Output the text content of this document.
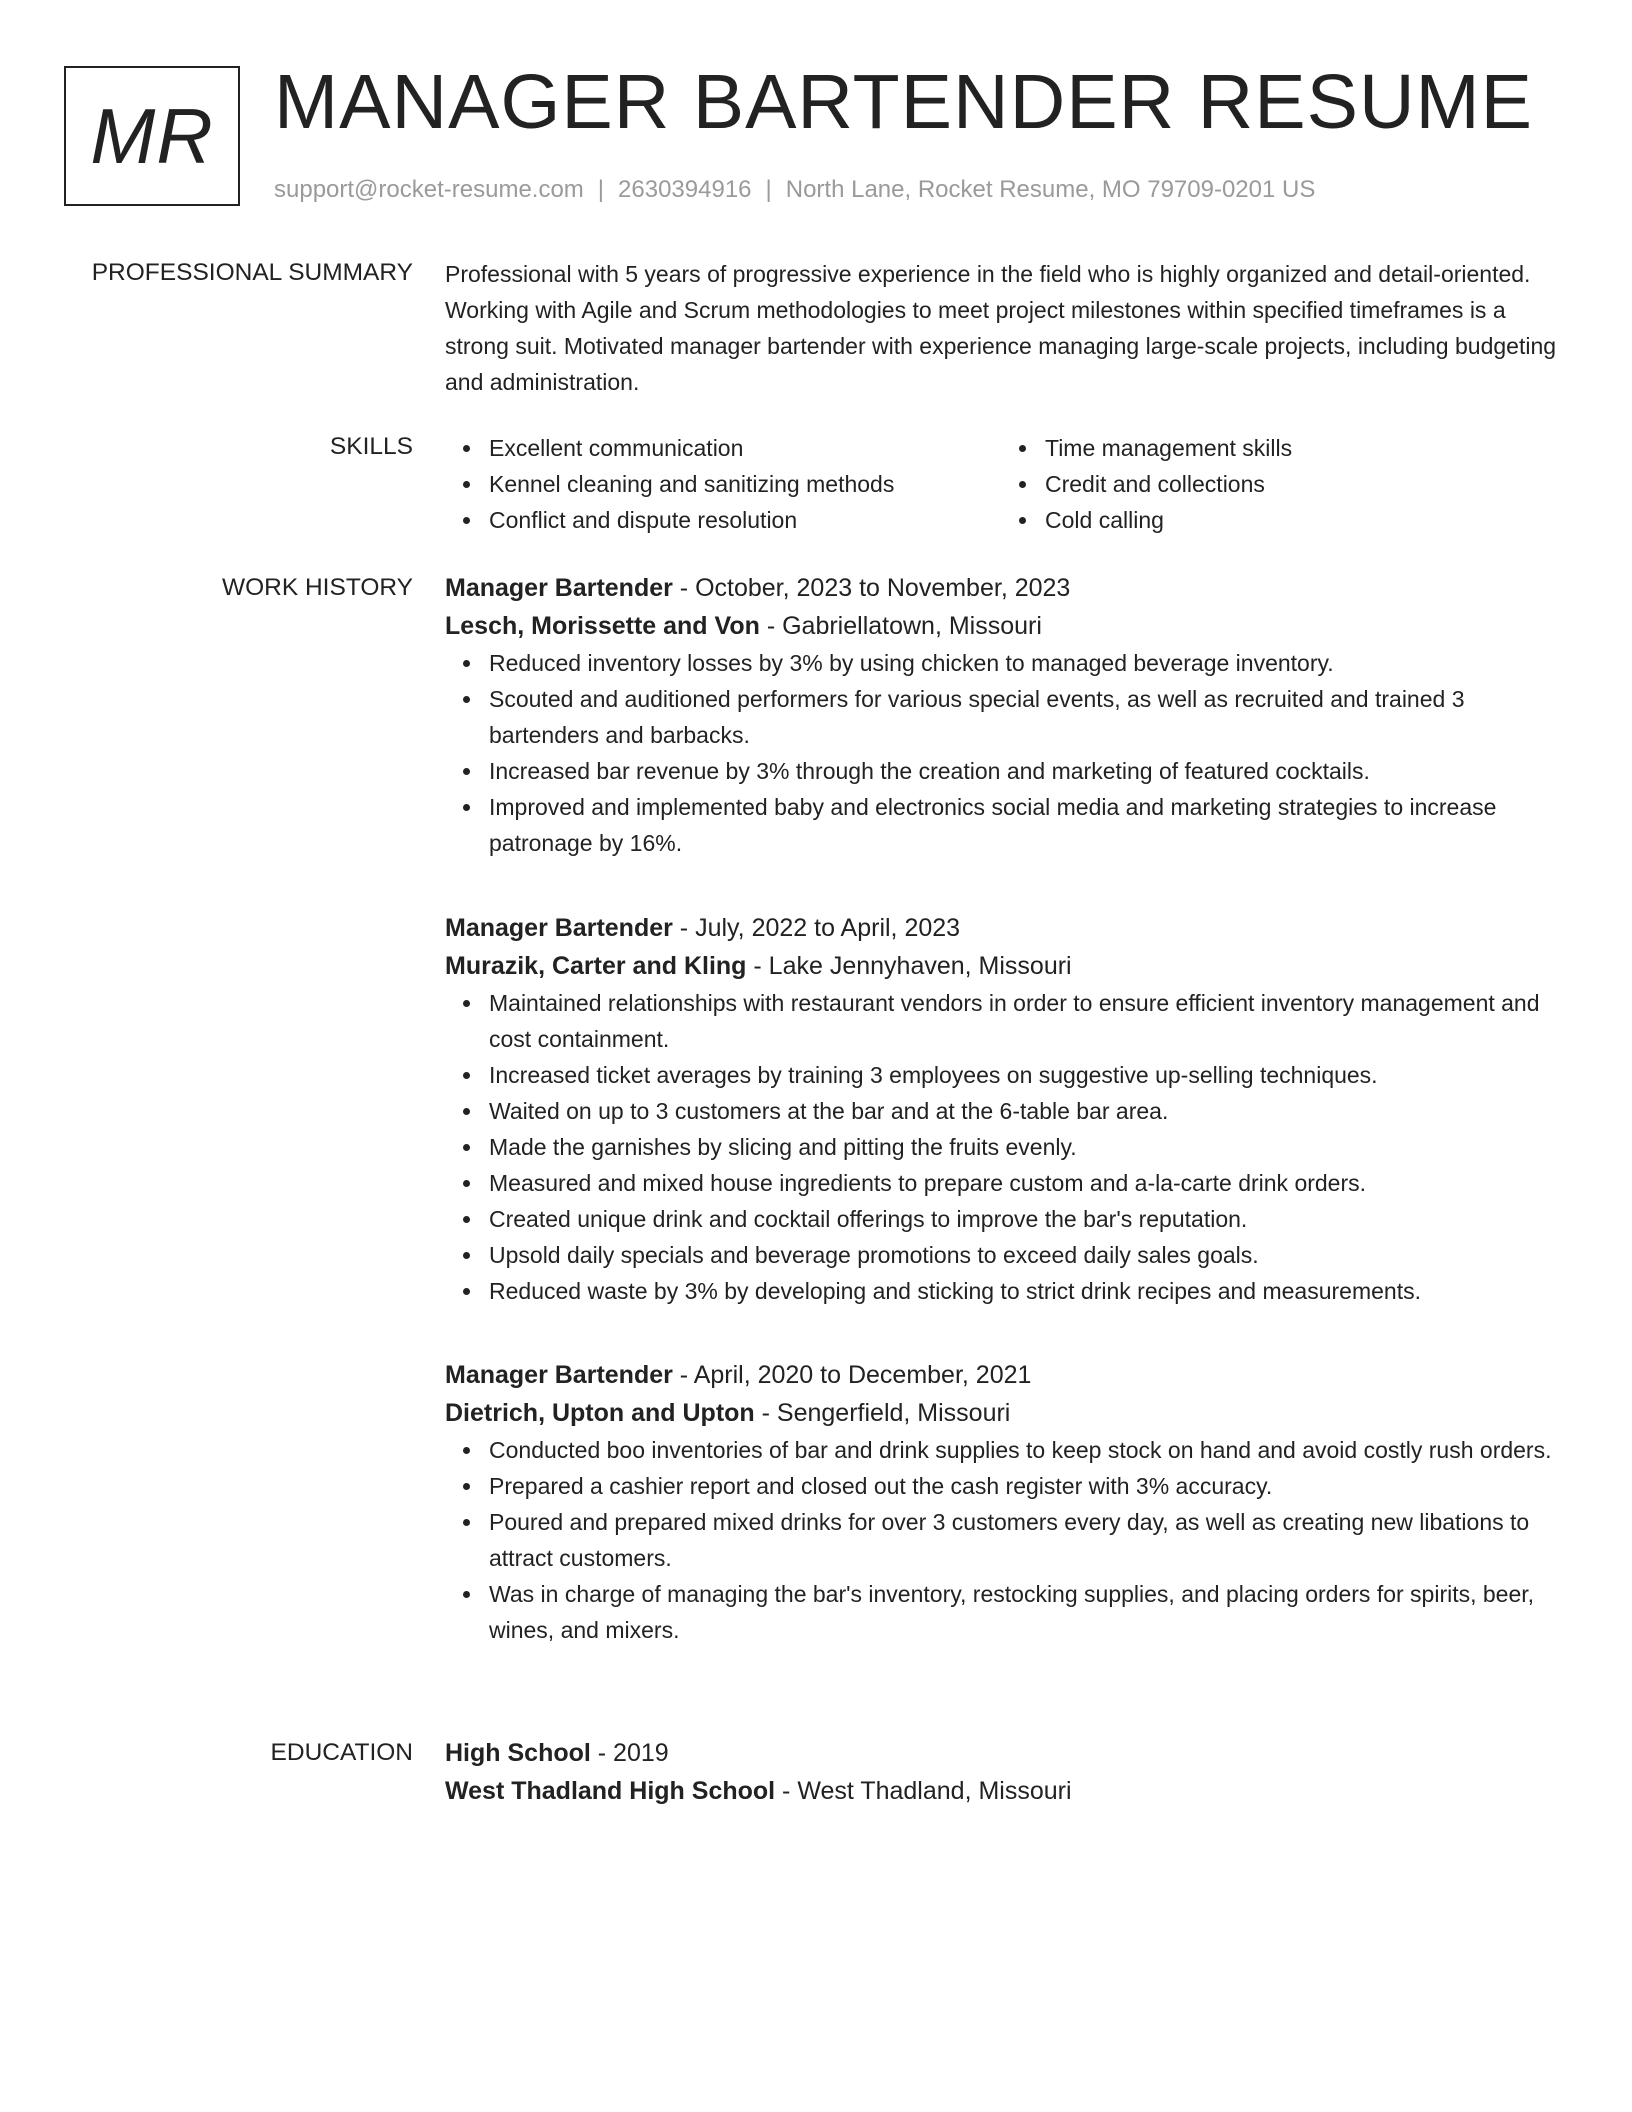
MR MANAGER BARTENDER RESUME
support@rocket-resume.com | 2630394916 | North Lane, Rocket Resume, MO 79709-0201 US
PROFESSIONAL SUMMARY Professional with 5 years of progressive experience in the field who is highly organized and detail-oriented. Working with Agile and Scrum methodologies to meet project milestones within specified timeframes is a strong suit. Motivated manager bartender with experience managing large-scale projects, including budgeting and administration.

SKILLS	Excellent communication
Kennel cleaning and sanitizing methods
Conflict and dispute resolution
Time management skills
Credit and collections
Cold calling
WORK HISTORY Manager Bartender - October, 2023 to November, 2023
Lesch, Morissette and Von - Gabriellatown, Missouri
Reduced inventory losses by 3% by using chicken to managed beverage inventory.
Scouted and auditioned performers for various special events, as well as recruited and trained 3 bartenders and barbacks.
Increased bar revenue by 3% through the creation and marketing of featured cocktails.
Improved and implemented baby and electronics social media and marketing strategies to increase patronage by 16%.
Manager Bartender - July, 2022 to April, 2023
Murazik, Carter and Kling - Lake Jennyhaven, Missouri
Maintained relationships with restaurant vendors in order to ensure efficient inventory management and cost containment.
Increased ticket averages by training 3 employees on suggestive up-selling techniques.
Waited on up to 3 customers at the bar and at the 6-table bar area.
Made the garnishes by slicing and pitting the fruits evenly.
Measured and mixed house ingredients to prepare custom and a-la-carte drink orders.
Created unique drink and cocktail offerings to improve the bar's reputation.
Upsold daily specials and beverage promotions to exceed daily sales goals.
Reduced waste by 3% by developing and sticking to strict drink recipes and measurements.
Manager Bartender - April, 2020 to December, 2021
Dietrich, Upton and Upton - Sengerfield, Missouri
Conducted boo inventories of bar and drink supplies to keep stock on hand and avoid costly rush orders.
Prepared a cashier report and closed out the cash register with 3% accuracy.
Poured and prepared mixed drinks for over 3 customers every day, as well as creating new libations to attract customers.
Was in charge of managing the bar's inventory, restocking supplies, and placing orders for spirits, beer, wines, and mixers.
EDUCATION High School - 2019
West Thadland High School - West Thadland, Missouri
